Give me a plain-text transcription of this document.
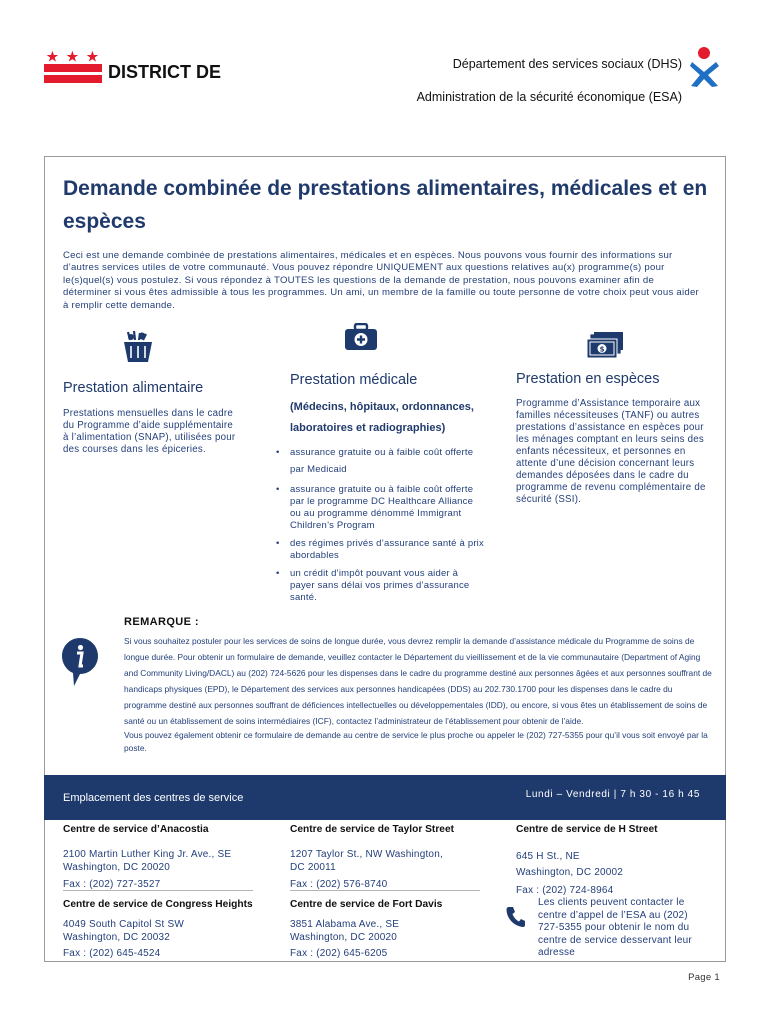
DISTRICT DE	Département des services sociaux (DHS)
Administration de la sécurité économique (ESA)
Demande combinée de prestations alimentaires, médicales et en espèces
Ceci est une demande combinée de prestations alimentaires, médicales et en espèces. Nous pouvons vous fournir des informations sur d’autres services utiles de votre communauté. Vous pouvez répondre UNIQUEMENT aux questions relatives au(x) programme(s) pour le(s)quel(s) vous postulez. Si vous répondez à TOUTES les questions de la demande de prestation, nous pouvons examiner afin de déterminer si vous êtes admissible à tous les programmes. Un ami, un membre de la famille ou toute personne de votre choix peut vous aider à remplir cette demande.
$
Prestation alimentaire
Prestations mensuelles dans le cadre du Programme d’aide supplémentaire à l’alimentation (SNAP), utilisées pour des courses dans les épiceries.
Prestation médicale
(Médecins, hôpitaux, ordonnances, laboratoires et radiographies)
• assurance gratuite ou à faible coût offerte par Medicaid
• assurance gratuite ou à faible coût offerte par le programme DC Healthcare Alliance ou au programme dénommé Immigrant Children’s Program
• des régimes privés d’assurance santé à prix abordables
• un crédit d’impôt pouvant vous aider à payer sans délai vos primes d’assurance santé.
Prestation en espèces
Programme d’Assistance temporaire aux familles nécessiteuses (TANF) ou autres prestations d’assistance en espèces pour les ménages comptant en leurs seins des enfants nécessiteux, et personnes en attente d’une décision concernant leurs demandes déposées dans le cadre du programme de revenu complémentaire de sécurité (SSI).
REMARQUE :
Si vous souhaitez postuler pour les services de soins de longue durée, vous devrez remplir la demande d’assistance médicale du Programme de soins de longue durée. Pour obtenir un formulaire de demande, veuillez contacter le Département du vieillissement et de la vie communautaire (Department of Aging and Community Living/DACL) au (202) 724-5626 pour les dispenses dans le cadre du programme destiné aux personnes âgées et aux personnes souffrant de handicaps physiques (EPD), le Département des services aux personnes handicapées (DDS) au 202.730.1700 pour les dispenses dans le cadre du programme destiné aux personnes souffrant de déficiences intellectuelles ou développementales (IDD), ou encore, si vous êtes un établissement de soins de santé ou un établissement de soins intermédiaires (ICF), contactez l’administrateur de l’établissement pour obtenir de l’aide.
Vous pouvez également obtenir ce formulaire de demande au centre de service le plus proche ou appeler le (202) 727-5355 pour qu’il vous soit envoyé par la poste.
Emplacement des centres de service	Lundi – Vendredi | 7 h 30 - 16 h 45
Centre de service d’Anacostia
2100 Martin Luther King Jr. Ave., SE Washington, DC 20020
Fax : (202) 727-3527
Centre de service de Taylor Street
1207 Taylor St., NW Washington, DC 20011
Fax : (202) 576-8740
Centre de service de H Street
645 H St., NE Washington, DC 20002
Fax : (202) 724-8964
Centre de service de Congress Heights
4049 South Capitol St SW Washington, DC 20032
Fax : (202) 645-4524
Centre de service de Fort Davis
3851 Alabama Ave., SE Washington, DC 20020
Fax : (202) 645-6205
Les clients peuvent contacter le centre d’appel de l’ESA au (202) 727-5355 pour obtenir le nom du centre de service desservant leur adresse
Page 1
